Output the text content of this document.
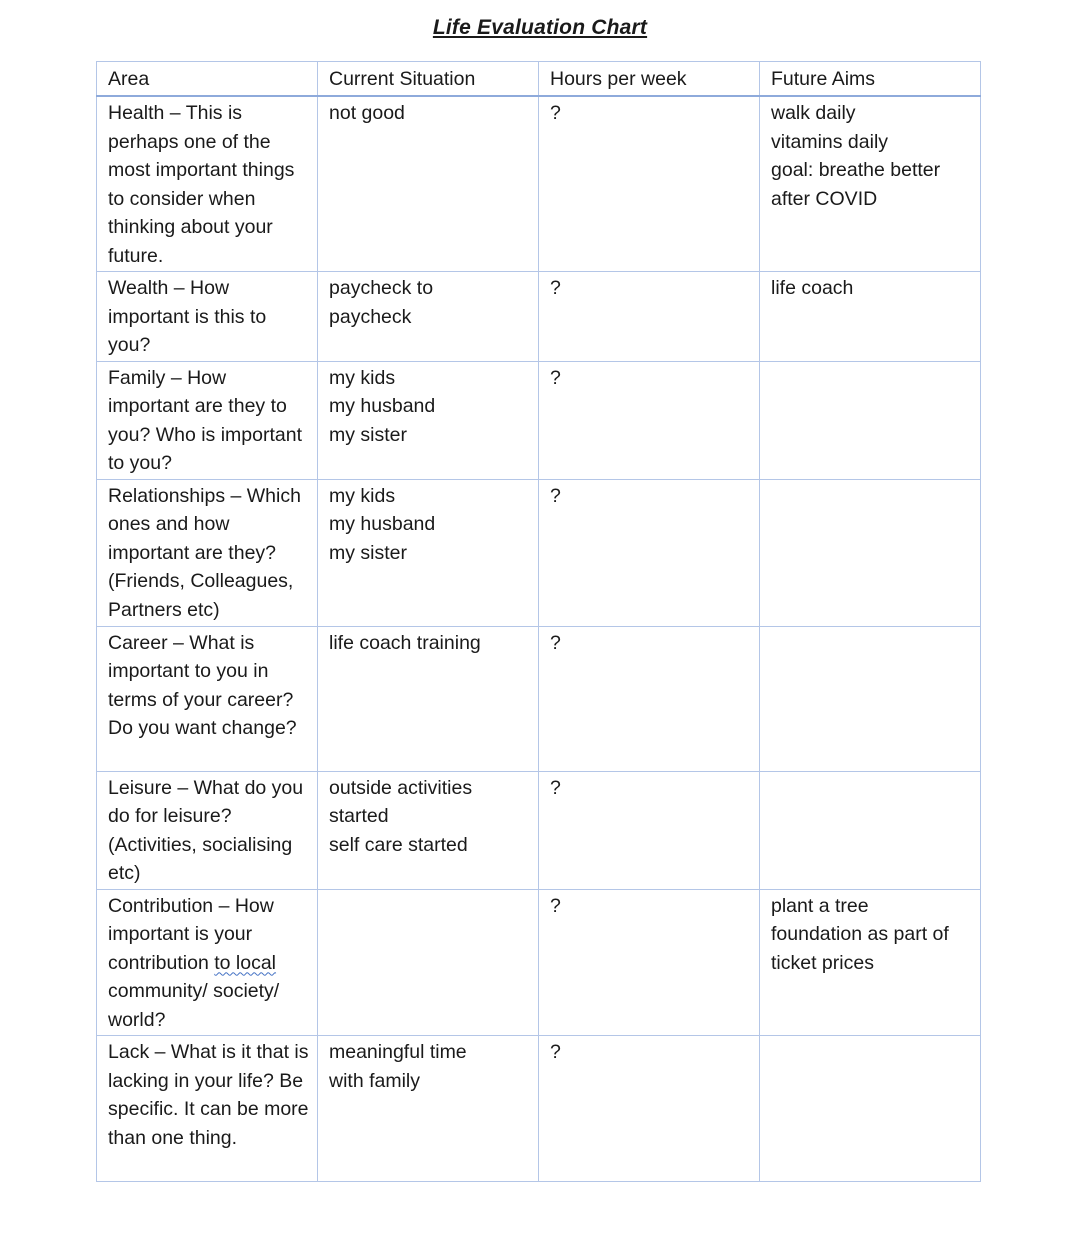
Life Evaluation Chart
Area	Current Situation	Hours per week	Future Aims

Health – This is perhaps one of the most important things to consider when thinking about your future.	not good	?	walk daily
vitamins daily
goal: breathe better
after COVID

Wealth – How important is this to you?	paycheck to
paycheck	?	life coach

Family – How important are they to you? Who is important to you?	my kids
my husband
my sister	?	

Relationships – Which ones and how important are they? (Friends, Colleagues, Partners etc)	my kids
my husband
my sister	?	

Career – What is important to you in terms of your career? Do you want change?	life coach training	?	

Leisure – What do you do for leisure? (Activities, socialising etc)	outside activities
started
self care started	?	

Contribution – How important is your contribution to local community/ society/ world?		?	plant a tree
foundation as part of
ticket prices

Lack – What is it that is lacking in your life? Be specific. It can be more than one thing.	meaningful time
with family	?	
